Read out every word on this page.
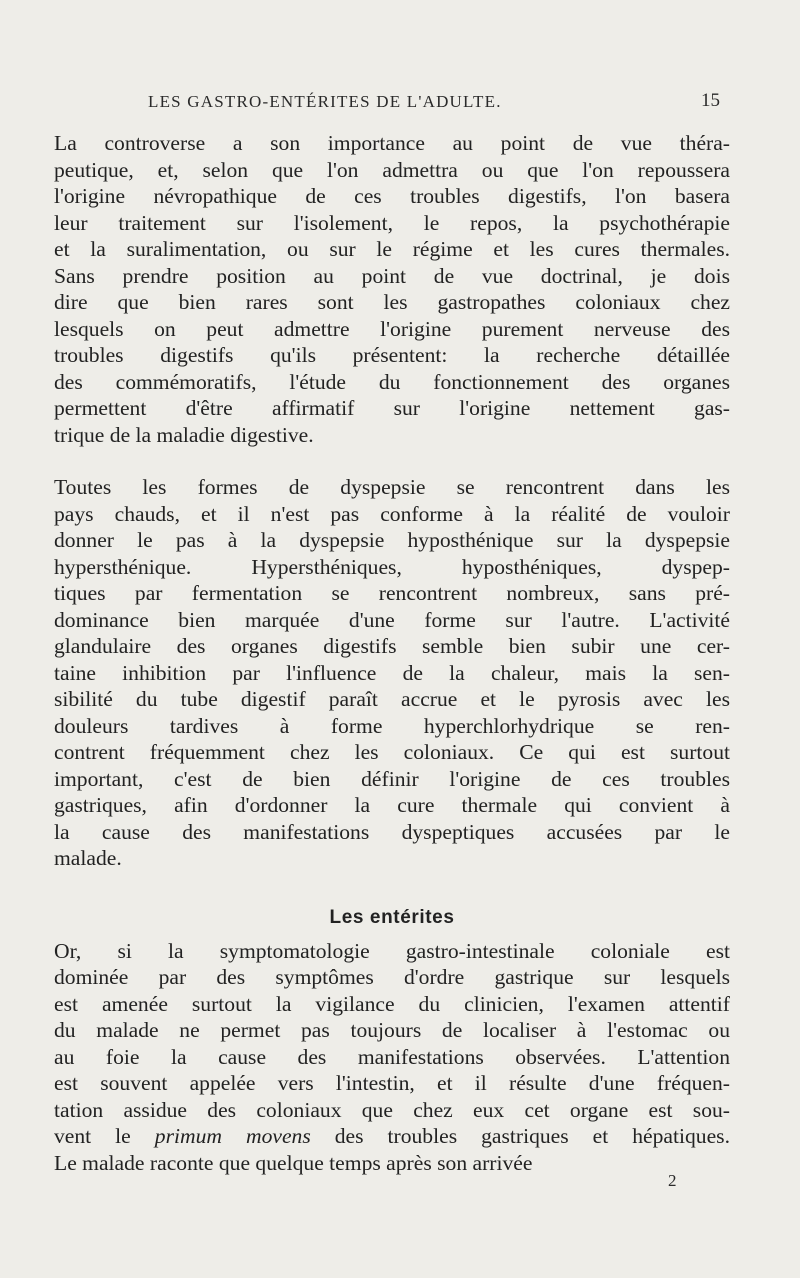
LES GASTRO-ENTÉRITES DE L'ADULTE.	15

La controverse a son importance au point de vue théra-
peutique, et, selon que l'on admettra ou que l'on repoussera
l'origine névropathique de ces troubles digestifs, l'on basera
leur traitement sur l'isolement, le repos, la psychothérapie
et la suralimentation, ou sur le régime et les cures thermales.
Sans prendre position au point de vue doctrinal, je dois
dire que bien rares sont les gastropathes coloniaux chez
lesquels on peut admettre l'origine purement nerveuse des
troubles digestifs qu'ils présentent: la recherche détaillée
des commémoratifs, l'étude du fonctionnement des organes
permettent d'être affirmatif sur l'origine nettement gas-
trique de la maladie digestive.

Toutes les formes de dyspepsie se rencontrent dans les
pays chauds, et il n'est pas conforme à la réalité de vouloir
donner le pas à la dyspepsie hyposthénique sur la dyspepsie
hypersthénique. Hypersthéniques, hyposthéniques, dyspep-
tiques par fermentation se rencontrent nombreux, sans pré-
dominance bien marquée d'une forme sur l'autre. L'activité
glandulaire des organes digestifs semble bien subir une cer-
taine inhibition par l'influence de la chaleur, mais la sen-
sibilité du tube digestif paraît accrue et le pyrosis avec les
douleurs tardives à forme hyperchlorhydrique se ren-
contrent fréquemment chez les coloniaux. Ce qui est surtout
important, c'est de bien définir l'origine de ces troubles
gastriques, afin d'ordonner la cure thermale qui convient à
la cause des manifestations dyspeptiques accusées par le
malade.

Les entérites

Or, si la symptomatologie gastro-intestinale coloniale est
dominée par des symptômes d'ordre gastrique sur lesquels
est amenée surtout la vigilance du clinicien, l'examen attentif
du malade ne permet pas toujours de localiser à l'estomac ou
au foie la cause des manifestations observées. L'attention
est souvent appelée vers l'intestin, et il résulte d'une fréquen-
tation assidue des coloniaux que chez eux cet organe est sou-
vent le primum movens des troubles gastriques et hépatiques.
Le malade raconte que quelque temps après son arrivée

2
